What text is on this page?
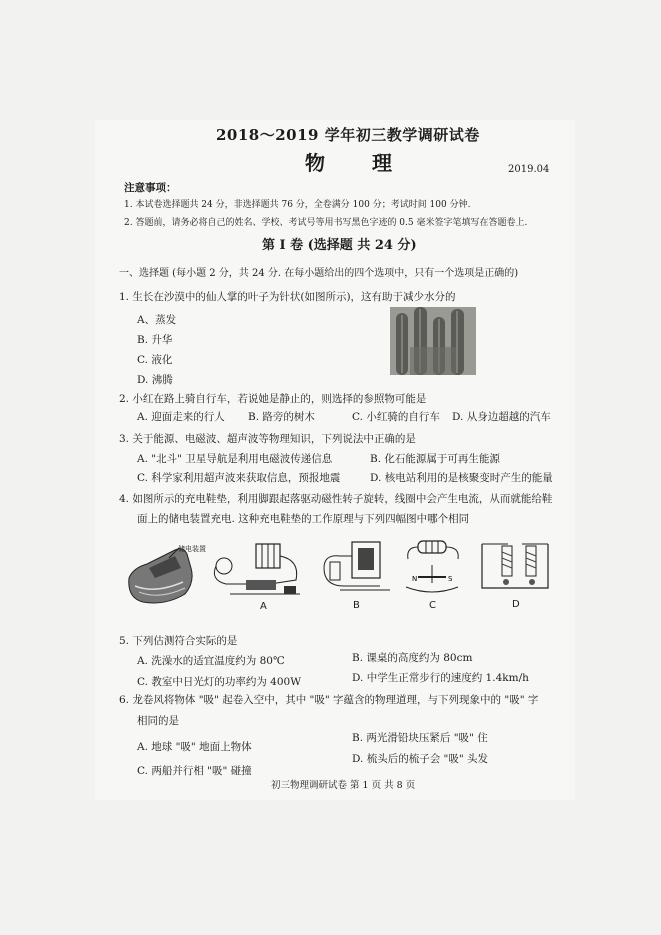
2018～2019 学年初三教学调研试卷
物 理	2019.04
注意事项：
1. 本试卷选择题共 24 分，非选择题共 76 分，全卷满分 100 分；考试时间 100 分钟.
2. 答题前，请务必将自己的姓名、学校、考试号等用书写黑色字迹的 0.5 毫米签字笔填写在答题卷上.
第 I 卷 (选择题 共 24 分)
一、选择题 (每小题 2 分，共 24 分. 在每小题给出的四个选项中，只有一个选项是正确的)
1. 生长在沙漠中的仙人掌的叶子为针状(如图所示)，这有助于减少水分的
A、蒸发
B. 升华
C. 液化
D. 沸腾
2. 小红在路上骑自行车，若说她是静止的，则选择的参照物可能是
A. 迎面走来的行人 B. 路旁的树木	C. 小红骑的自行车 D. 从身边超越的汽车
3. 关于能源、电磁波、超声波等物理知识，下列说法中正确的是
A. "北斗" 卫星导航是利用电磁波传递信息	B. 化石能源属于可再生能源
C. 科学家利用超声波来获取信息，预报地震	D. 核电站利用的是核聚变时产生的能量
4. 如图所示的充电鞋垫，利用脚跟起落驱动磁性转子旋转，线圈中会产生电流，从而就能给鞋
面上的储电装置充电. 这种充电鞋垫的工作原理与下列四幅图中哪个相同
储电装置
A	B
N	S
C	D
5. 下列估测符合实际的是
A. 洗澡水的适宜温度约为 80℃	B. 课桌的高度约为 80cm
C. 教室中日光灯的功率约为 400W	D. 中学生正常步行的速度约 1.4km/h
6. 龙卷风将物体 "吸" 起卷入空中，其中 "吸" 字蕴含的物理道理，与下列现象中的 "吸" 字
相同的是
A. 地球 "吸" 地面上物体
B. 两光滑铅块压紧后 "吸" 住
C. 两船并行相 "吸" 碰撞
D. 梳头后的梳子会 "吸" 头发
初三物理调研试卷 第 1 页 共 8 页
